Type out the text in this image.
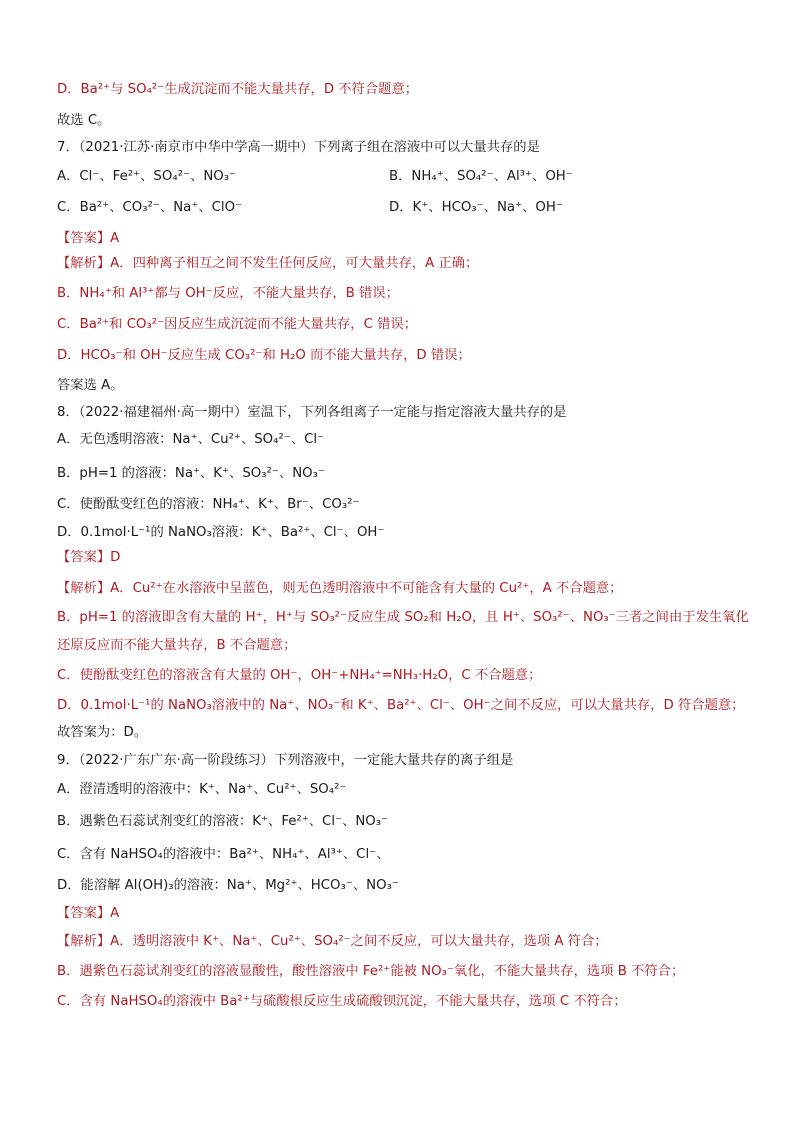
D．Ba²⁺与 SO₄²⁻生成沉淀而不能大量共存，D 不符合题意；
故选 C。
7．（2021·江苏·南京市中华中学高一期中）下列离子组在溶液中可以大量共存的是
A．Cl⁻、Fe²⁺、SO₄²⁻、NO₃⁻	B．NH₄⁺、SO₄²⁻、Al³⁺、OH⁻
C．Ba²⁺、CO₃²⁻、Na⁺、ClO⁻	D．K⁺、HCO₃⁻、Na⁺、OH⁻
【答案】A
【解析】A．四种离子相互之间不发生任何反应，可大量共存，A 正确；
B．NH₄⁺和 Al³⁺都与 OH⁻反应，不能大量共存，B 错误；
C．Ba²⁺和 CO₃²⁻因反应生成沉淀而不能大量共存，C 错误；
D．HCO₃⁻和 OH⁻反应生成 CO₃²⁻和 H₂O 而不能大量共存，D 错误；
答案选 A。
8．（2022·福建福州·高一期中）室温下，下列各组离子一定能与指定溶液大量共存的是
A．无色透明溶液：Na⁺、Cu²⁺、SO₄²⁻、Cl⁻
B．pH=1 的溶液：Na⁺、K⁺、SO₃²⁻、NO₃⁻
C．使酚酞变红色的溶液：NH₄⁺、K⁺、Br⁻、CO₃²⁻
D．0.1mol·L⁻¹的 NaNO₃溶液：K⁺、Ba²⁺、Cl⁻、OH⁻
【答案】D
【解析】A．Cu²⁺在水溶液中呈蓝色，则无色透明溶液中不可能含有大量的 Cu²⁺，A 不合题意；
B．pH=1 的溶液即含有大量的 H⁺，H⁺与 SO₃²⁻反应生成 SO₂和 H₂O，且 H⁺、SO₃²⁻、NO₃⁻三者之间由于发生氧化
还原反应而不能大量共存，B 不合题意；
C．使酚酞变红色的溶液含有大量的 OH⁻，OH⁻+NH₄⁺=NH₃·H₂O，C 不合题意；
D．0.1mol·L⁻¹的 NaNO₃溶液中的 Na⁺、NO₃⁻和 K⁺、Ba²⁺、Cl⁻、OH⁻之间不反应，可以大量共存，D 符合题意；
故答案为：D。
9．（2022·广东广东·高一阶段练习）下列溶液中，一定能大量共存的离子组是
A．澄清透明的溶液中：K⁺、Na⁺、Cu²⁺、SO₄²⁻
B．遇紫色石蕊试剂变红的溶液：K⁺、Fe²⁺、Cl⁻、NO₃⁻
C．含有 NaHSO₄的溶液中：Ba²⁺、NH₄⁺、Al³⁺、Cl⁻、
D．能溶解 Al(OH)₃的溶液：Na⁺、Mg²⁺、HCO₃⁻、NO₃⁻
【答案】A
【解析】A．透明溶液中 K⁺、Na⁺、Cu²⁺、SO₄²⁻之间不反应，可以大量共存，选项 A 符合；
B．遇紫色石蕊试剂变红的溶液显酸性，酸性溶液中 Fe²⁺能被 NO₃⁻氧化，不能大量共存，选项 B 不符合；
C．含有 NaHSO₄的溶液中 Ba²⁺与硫酸根反应生成硫酸钡沉淀，不能大量共存，选项 C 不符合；
